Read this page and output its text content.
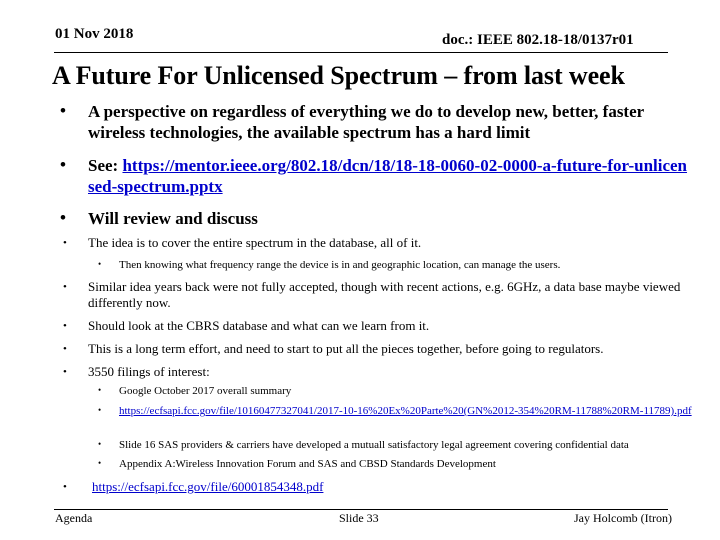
01 Nov 2018	doc.: IEEE 802.18-18/0137r01
A Future For Unlicensed Spectrum – from last week
• A perspective on regardless of everything we do to develop new, better, faster wireless technologies, the available spectrum has a hard limit
• See: https://mentor.ieee.org/802.18/dcn/18/18-18-0060-02-0000-a-future-for-unlicensed-spectrum.pptx
• Will review and discuss
• The idea is to cover the entire spectrum in the database, all of it.
• Then knowing what frequency range the device is in and geographic location, can manage the users.
• Similar idea years back were not fully accepted, though with recent actions, e.g. 6GHz, a data base maybe viewed differently now.
• Should look at the CBRS database and what can we learn from it.
• This is a long term effort, and need to start to put all the pieces together, before going to regulators.
• 3550 filings of interest:
• Google October 2017 overall summary
• https://ecfsapi.fcc.gov/file/10160477327041/2017-10-16%20Ex%20Parte%20(GN%2012-354%20RM-11788%20RM-11789).pdf
• Slide 16 SAS providers & carriers have developed a mutuall satisfactory legal agreement covering confidential data
• Appendix A:Wireless Innovation Forum and SAS and CBSD Standards Development
• https://ecfsapi.fcc.gov/file/60001854348.pdf
Agenda	Slide 33	Jay Holcomb (Itron)
